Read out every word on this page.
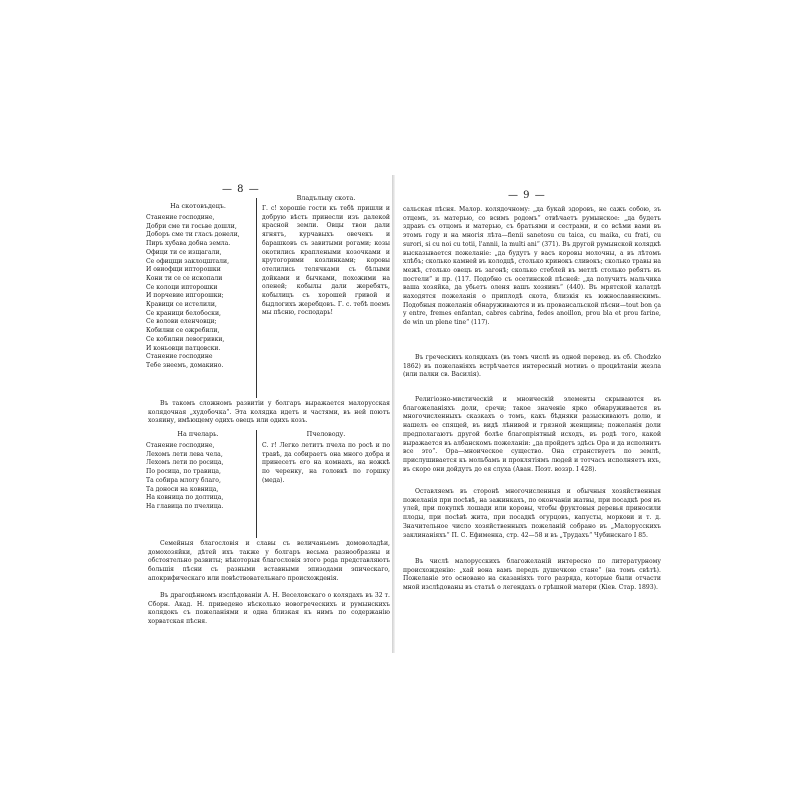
— 8 —
На скотовъдецъ.
Станение господине,
Добри сме ти госьве дошли,
Доборъ сме ти гласъ донели,
Пиръ хубава добна земла.
Офици ти се изщагали,
Се офицщи заклоцштали,
И овиофщи ипторошки
Кони ти се се ископали
Се колоци ипторошки
И порчевие ипгорошки;
Кравици се истелили,
Се краници белобоски,
Се волови еленчовци;
Кобилни се ожребили,
Се кобилни левогривки,
И коньовци патцовски.
Станение господине
Тебе знеемъ, домакино.
Владъльцу скота.
Г. с! хорошіе гости къ тебѣ пришли и добрую вѣсть принесли изъ далекой красной земли. Овцы твои дали ягнятъ, курчавыхъ овечекъ и барашковъ съ завитыми рогами; козы окотились краплеными козочками и крутогорими козлинками; коровы отелились телячками съ бѣлыми дойками и бычками, похожими на оленей; кобылы дали жеребятъ, кобылицъ съ хорошей гривой и быдлогихъ жеребцовъ. Г. с. тебѣ поемъ мы пѣсню, господарь!
Въ такомъ сложномъ развитіи у болгаръ выражается малорусская колядочная „худобочка“. Эта колядка идетъ и частями, въ ней поютъ хозяину, имѣющему одихъ овецъ или одихъ козъ.
На пчеларь.
Станение господине,
Лехомъ лети лева чела,
Лехомъ лети по росица,
По росица, по травица,
Та собира млогу благо,
Та доноси на ковница,
На ковница по долтица,
На главица по пчелица.
Пчеловоду.
С. г! Легко летитъ пчела по росѣ и по травѣ, да собираетъ она много добра и принесетъ его на комнахъ, на ножкѣ по черенку, на головкѣ по горшку (меда).
Семейныя благословія и славы съ величаньемъ домоволадѣи, домохозяйки, дѣтей ихъ также у болгаръ весьма разнообразны и обстоятельно развиты; нѣкоторыя благословія этого рода представляютъ большія пѣсни съ разными вставными эпизодами эпическаго, апокрифическаго или повѣствовательнаго происхожденія.
Въ драгоцѣнномъ изслѣдованіи А. Н. Веселовскаго о колядахъ въ 32 т. Сборн. Акад. Н. приведено нѣсколько новогреческихъ и румынскихъ колядокъ съ пожеланіями и одна близкая къ нимъ по содержанію хорватская пѣсня.
— 9 —
сальская пѣсня. Малор. колядочному: „да букай здоровъ, не сажъ собою, зъ отцемъ, зъ матерью, со всимъ родомъ“ отвѣчаетъ румынское: „да будетъ здравъ съ отцомъ и матерью, съ братьями и сестрами, и со всѣми вами въ этомъ году и на многія лѣта—fienii sanetosu cu taica, cu maika, cu frati, cu surori, si cu noi cu totii, l'annii, la multi ani“ (371). Въ другой румынской колядкѣ высказывается пожеланіе: „да будутъ у васъ коровы молочны, а въ лѣтомъ хлѣбъ; сколько камней въ колодцѣ, столько кринокъ сливокъ; сколько травы на межѣ, столько овецъ въ загонѣ; сколько стеблей въ метлѣ столько ребятъ въ постели“ и пр. (117. Подобно съ осетинской пѣсней: „да получитъ мальчика ваша хозяйка, да убьетъ оленя вашъ хозяинъ“ (440). Въ мрятской калатдѣ находятся пожеланія о приплодѣ скота, близкія къ южнославянскимъ. Подобныя пожеланія обнаруживаются и въ провансальской пѣсни—tout bon ça y entre, fremes enfantan, cabres cabrina, fedes anoillon, prou bla et prou farine, de win un plene tine“ (117).
Въ греческихъ колядкахъ (въ томъ числѣ въ одной перевед. въ сб. Chodzko 1862) въ пожеланіяхъ встрѣчается интересный мотивъ о процвѣтаніи жезла (или палки св. Василія).
Религіозно-мистическій и мноическій элементы скрываются въ благожеланіяхъ доли, сречи; такое значеніе ярко обнаруживается въ многочисленныхъ сказкахъ о томъ, какъ бѣдняки разыскиваютъ долю, и нашелъ ее спящей, въ видѣ лѣнивой и грязной женщины; пожеланія доли предполагаютъ другой болѣе благопріятный исходъ, въ родѣ того, какой выражается въ албанскомъ пожеланіи: „да пройдетъ здѣсь Ора и да исполнитъ все это“. Ора—мноическое существо. Она странствуетъ по землѣ, прислушивается къ мольбамъ и проклятіямъ людей и тотчасъ исполняетъ ихъ, въ скоро они дойдутъ до ея слуха (Аван. Поэт. воззр. I 428).
Оставляемъ въ сторонѣ многочисленныя и обычныя хозяйственныя пожеланія при посѣвѣ, на зажинкахъ, по окончаніи жатвы, при посадкѣ роя въ улей, при покупкѣ лошади или коровы, чтобы фруктовыя деревья приносили плоды, при посѣвѣ жита, при посадкѣ огурцовъ, капусты, моркови и т. д. Значительное число хозяйственныхъ пожеланій собрано въ „Малорусскихъ заклинаніяхъ“ П. С. Ефименка, стр. 42—58 и въ „Трудахъ“ Чубинскаго I 85.
Въ числѣ малорусскихъ благожеланій интересно по литературному происхожденію: „хай вона вамъ передъ душечкою стане“ (на томъ свѣтѣ). Пожеланіе это основано на сказаніяхъ того разряда, которые были отчасти мной изслѣдованы въ статьѣ о легендахъ о грѣшной матери (Кiев. Стар. 1893).
